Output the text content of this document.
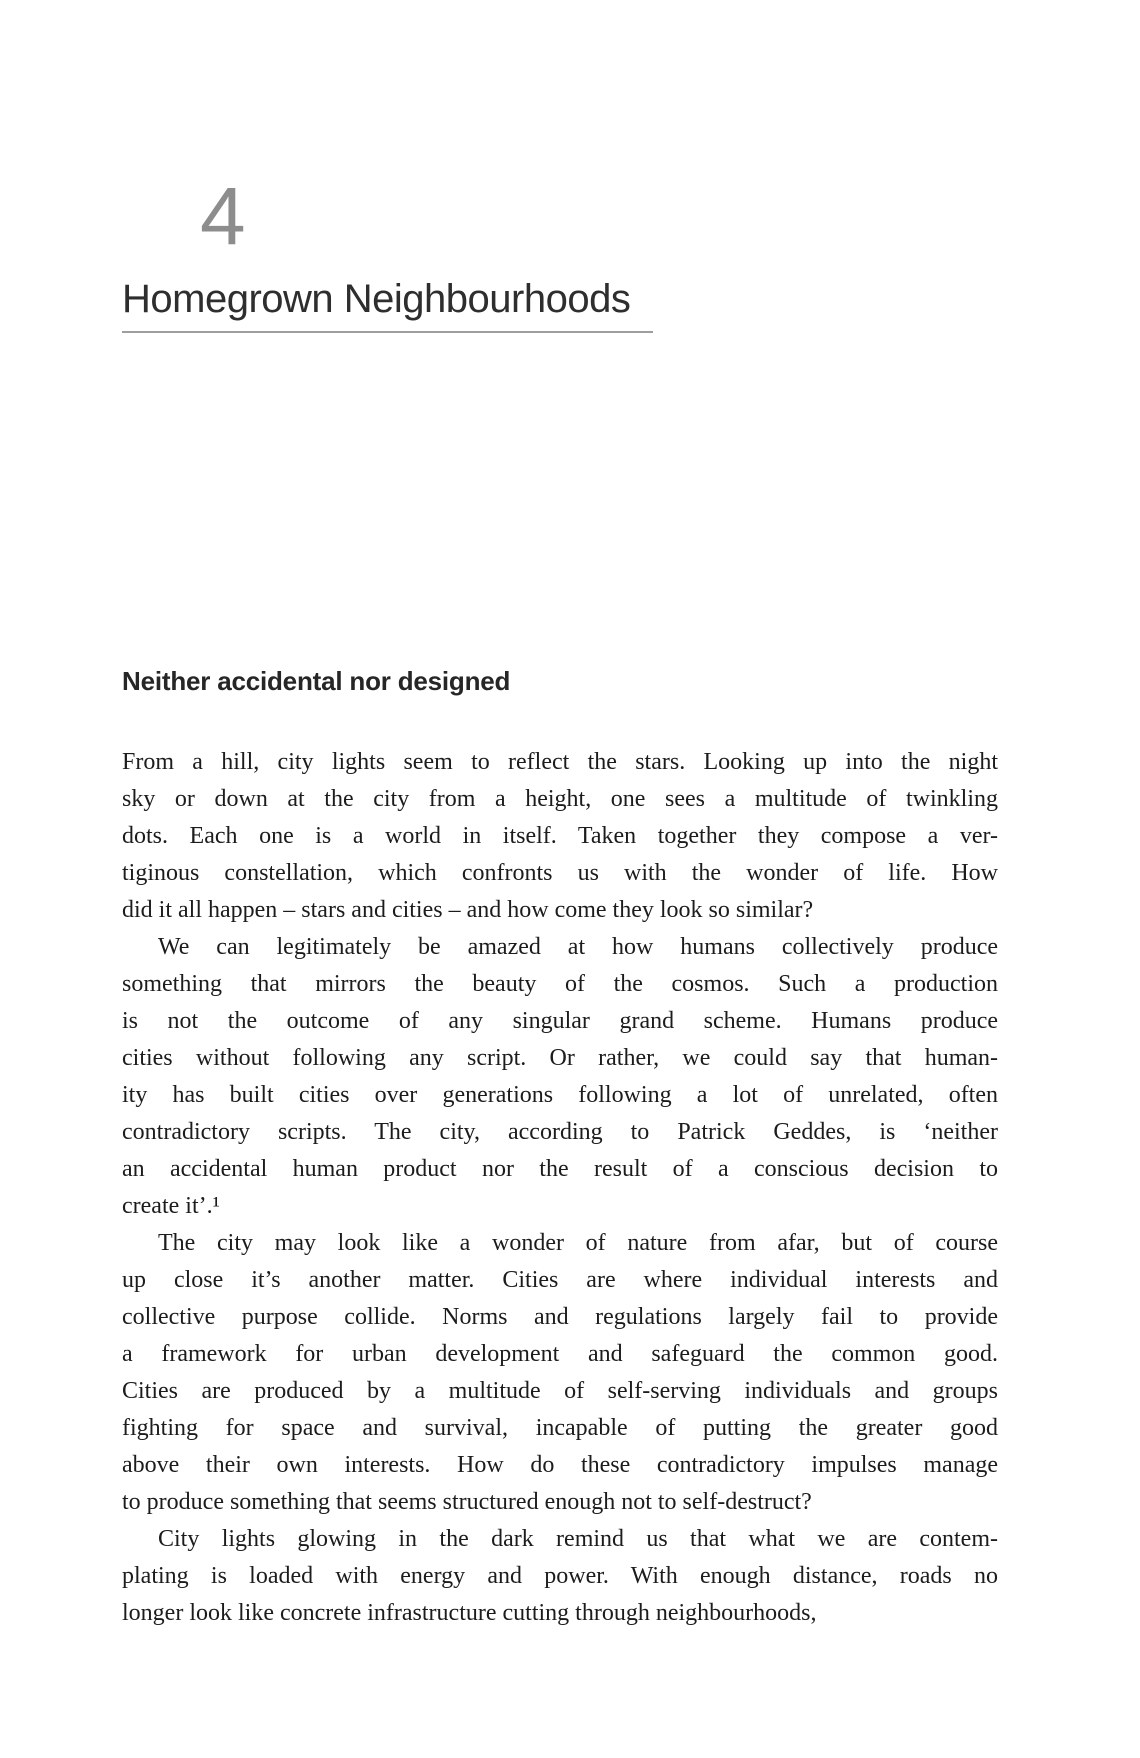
4
Homegrown Neighbourhoods
Neither accidental nor designed
From a hill, city lights seem to reflect the stars. Looking up into the night
sky or down at the city from a height, one sees a multitude of twinkling
dots. Each one is a world in itself. Taken together they compose a ver-
tiginous constellation, which confronts us with the wonder of life. How
did it all happen – stars and cities – and how come they look so similar?
We can legitimately be amazed at how humans collectively produce
something that mirrors the beauty of the cosmos. Such a production
is not the outcome of any singular grand scheme. Humans produce
cities without following any script. Or rather, we could say that human-
ity has built cities over generations following a lot of unrelated, often
contradictory scripts. The city, according to Patrick Geddes, is ‘neither
an accidental human product nor the result of a conscious decision to
create it’.¹
The city may look like a wonder of nature from afar, but of course
up close it’s another matter. Cities are where individual interests and
collective purpose collide. Norms and regulations largely fail to provide
a framework for urban development and safeguard the common good.
Cities are produced by a multitude of self-serving individuals and groups
fighting for space and survival, incapable of putting the greater good
above their own interests. How do these contradictory impulses manage
to produce something that seems structured enough not to self-destruct?
City lights glowing in the dark remind us that what we are contem-
plating is loaded with energy and power. With enough distance, roads no
longer look like concrete infrastructure cutting through neighbourhoods,
